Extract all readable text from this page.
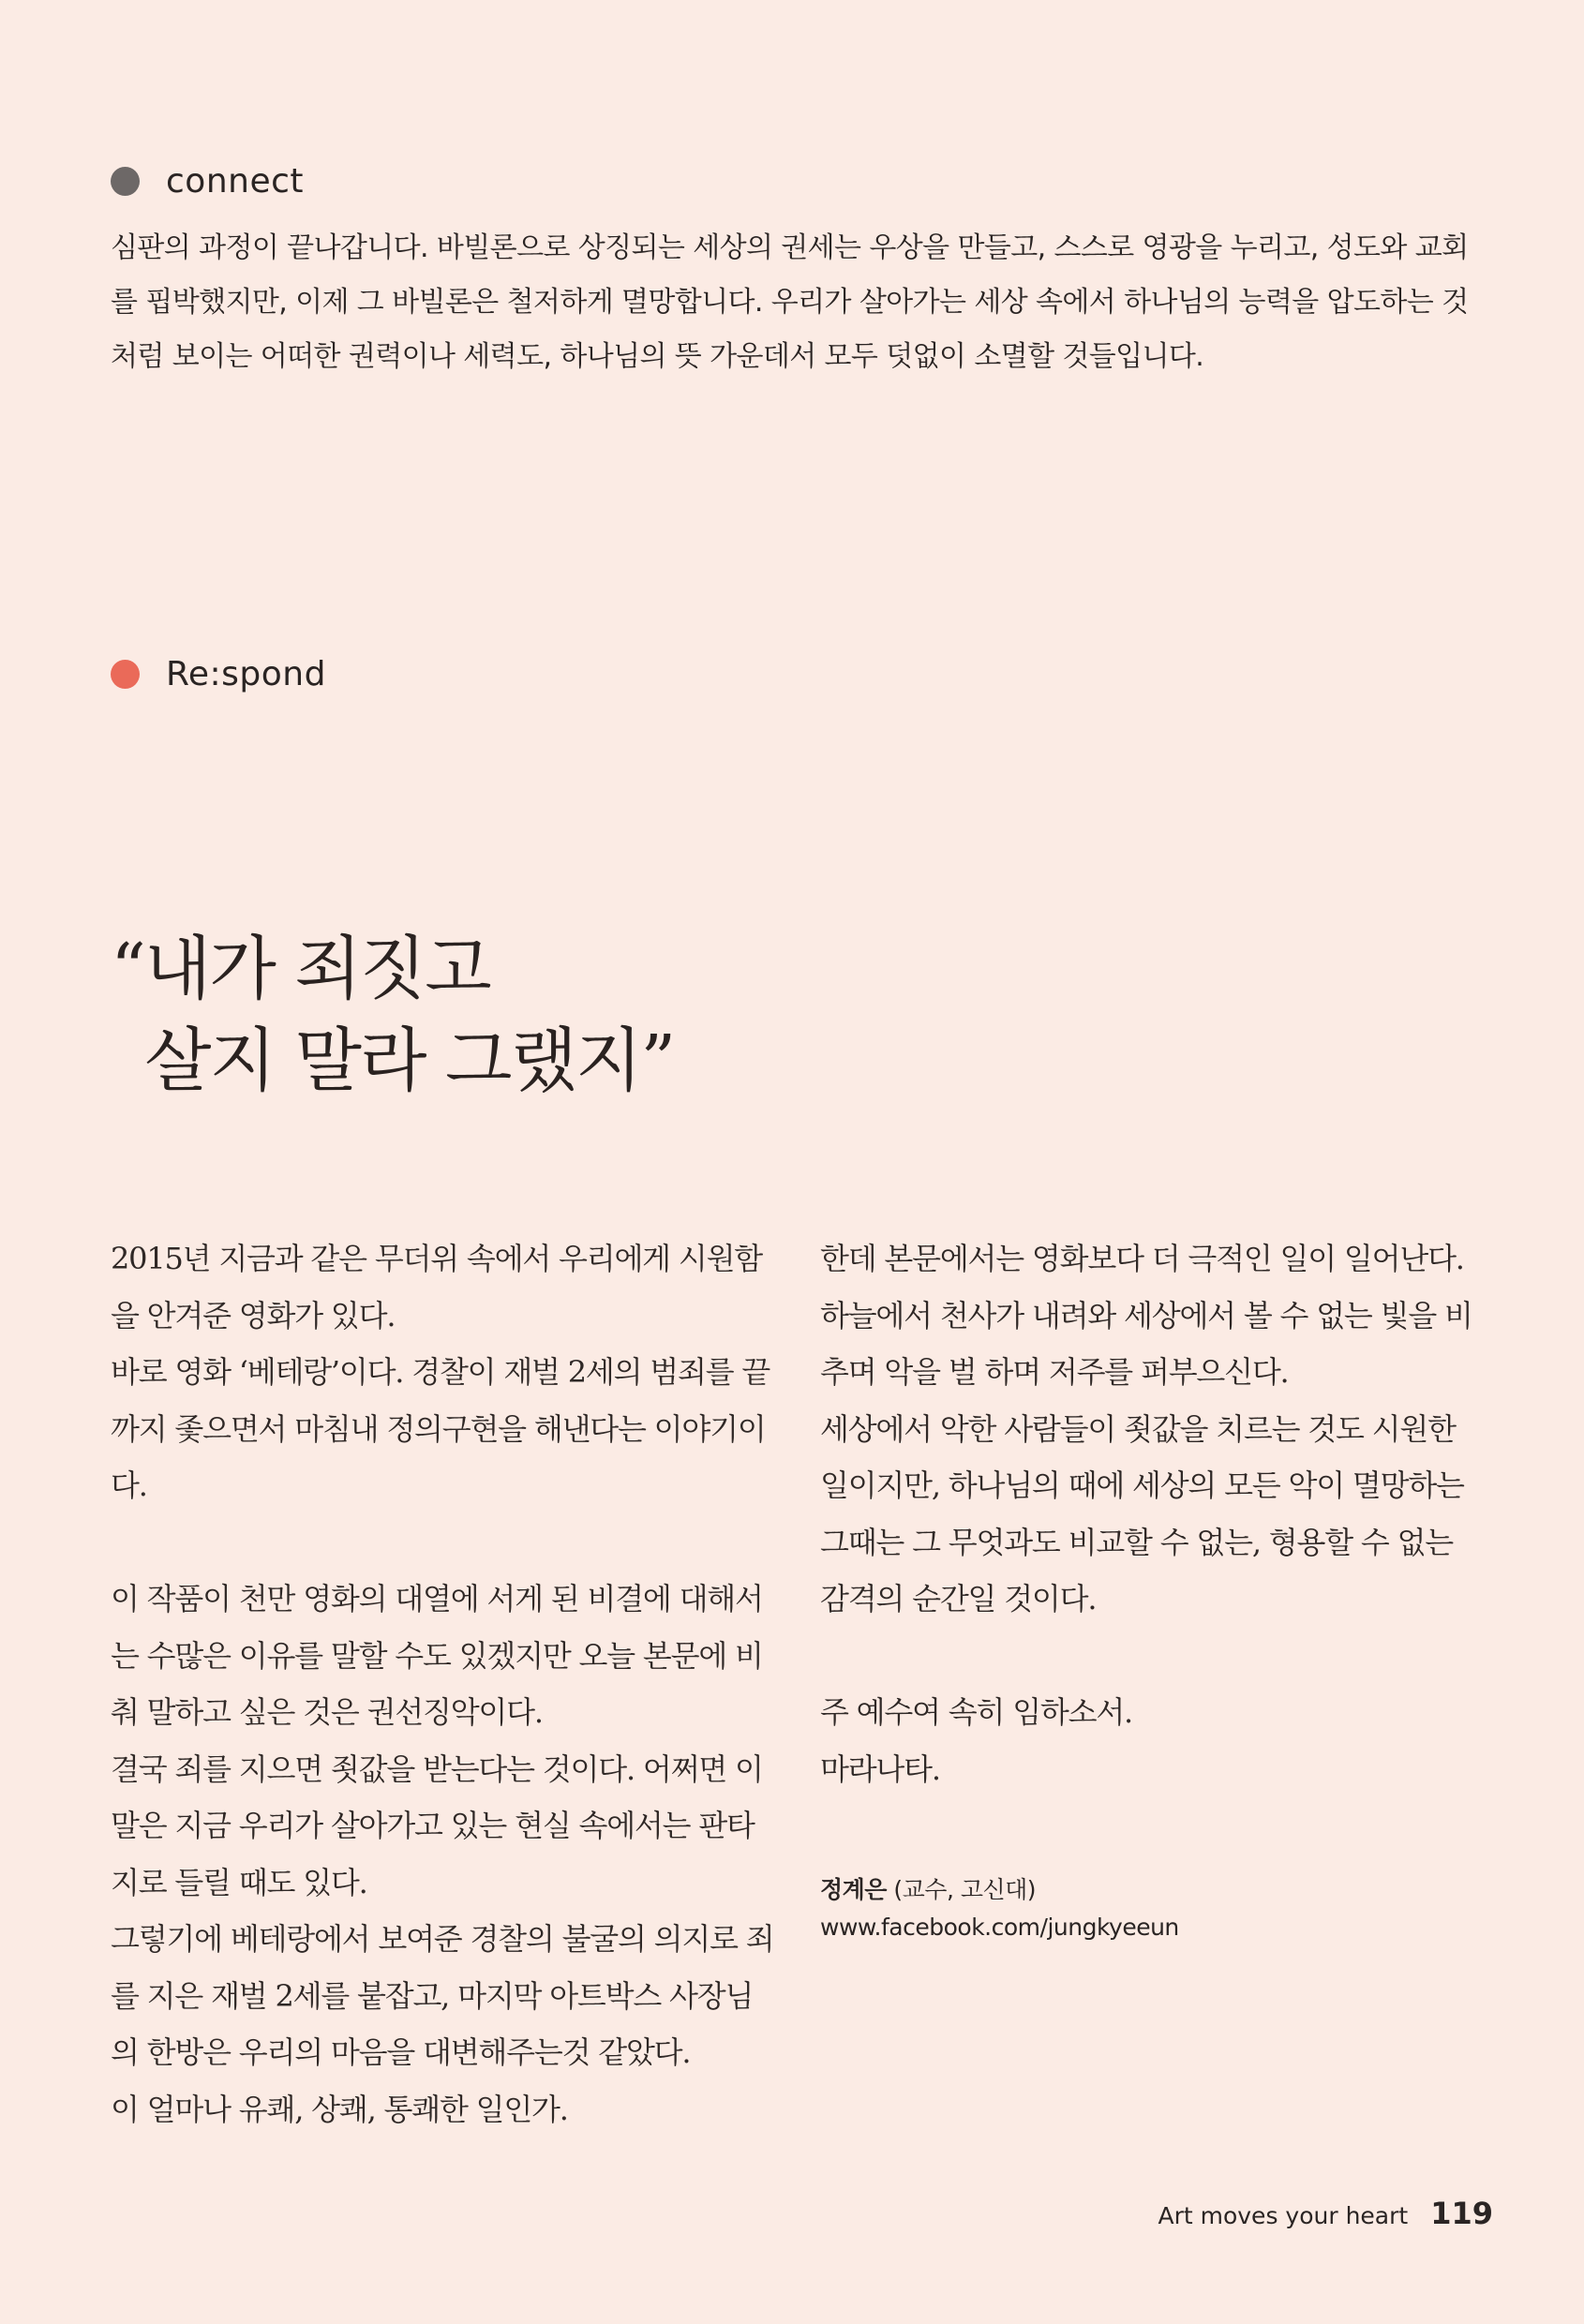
connect

심판의 과정이 끝나갑니다. 바빌론으로 상징되는 세상의 권세는 우상을 만들고, 스스로 영광을 누리고, 성도와 교회를 핍박했지만, 이제 그 바빌론은 철저하게 멸망합니다. 우리가 살아가는 세상 속에서 하나님의 능력을 압도하는 것처럼 보이는 어떠한 권력이나 세력도, 하나님의 뜻 가운데서 모두 덧없이 소멸할 것들입니다.

Re:spond
“내가 죄짓고
살지 말라 그랬지”

2015년 지금과 같은 무더위 속에서 우리에게 시원함을 안겨준 영화가 있다.

바로 영화 ‘베테랑’이다. 경찰이 재벌 2세의 범죄를 끝까지 좇으면서 마침내 정의구현을 해낸다는 이야기이다.

이 작품이 천만 영화의 대열에 서게 된 비결에 대해서는 수많은 이유를 말할 수도 있겠지만 오늘 본문에 비춰 말하고 싶은 것은 권선징악이다.

결국 죄를 지으면 죗값을 받는다는 것이다. 어쩌면 이 말은 지금 우리가 살아가고 있는 현실 속에서는 판타지로 들릴 때도 있다.

그렇기에 베테랑에서 보여준 경찰의 불굴의 의지로 죄를 지은 재벌 2세를 붙잡고, 마지막 아트박스 사장님의 한방은 우리의 마음을 대변해주는것 같았다.

이 얼마나 유쾌, 상쾌, 통쾌한 일인가.

한데 본문에서는 영화보다 더 극적인 일이 일어난다. 하늘에서 천사가 내려와 세상에서 볼 수 없는 빛을 비추며 악을 벌 하며 저주를 퍼부으신다.

세상에서 악한 사람들이 죗값을 치르는 것도 시원한 일이지만, 하나님의 때에 세상의 모든 악이 멸망하는 그때는 그 무엇과도 비교할 수 없는, 형용할 수 없는 감격의 순간일 것이다.

주 예수여 속히 임하소서.

마라나타.

정계은 (교수, 고신대)
www.facebook.com/jungkyeeun
Art moves your heart 119
